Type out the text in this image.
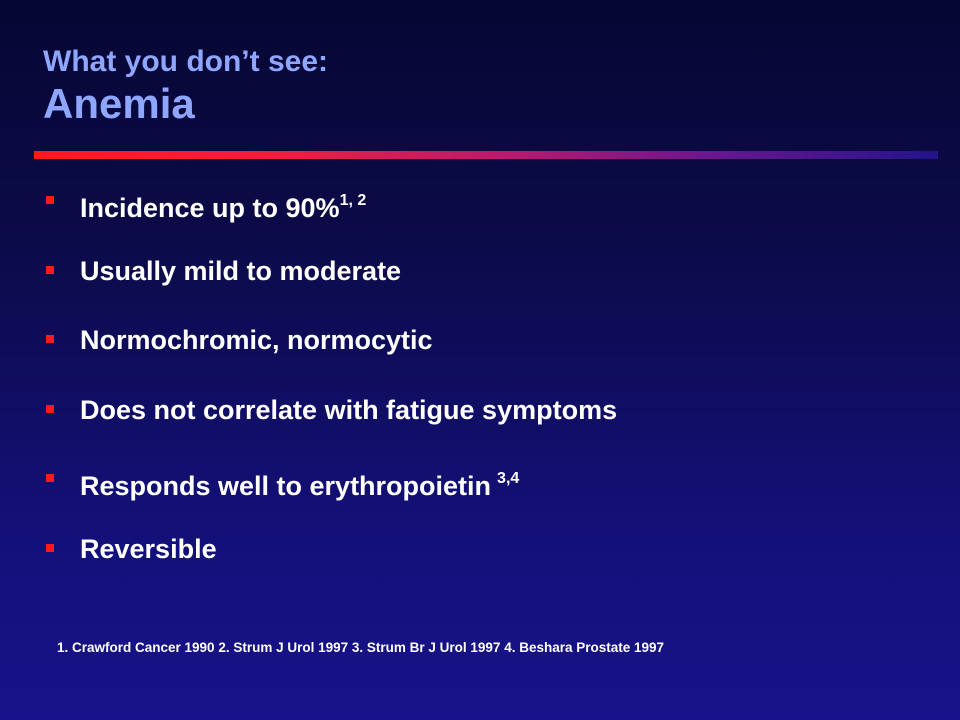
What you don’t see:

Anemia

Incidence up to 90%$^{1, 2}$
Usually mild to moderate
Normochromic, normocytic
Does not correlate with fatigue symptoms
Responds well to erythropoietin $^{3,4}$
Reversible
1. Crawford Cancer 1990 2. Strum J Urol 1997 3. Strum Br J Urol 1997 4. Beshara Prostate 1997
